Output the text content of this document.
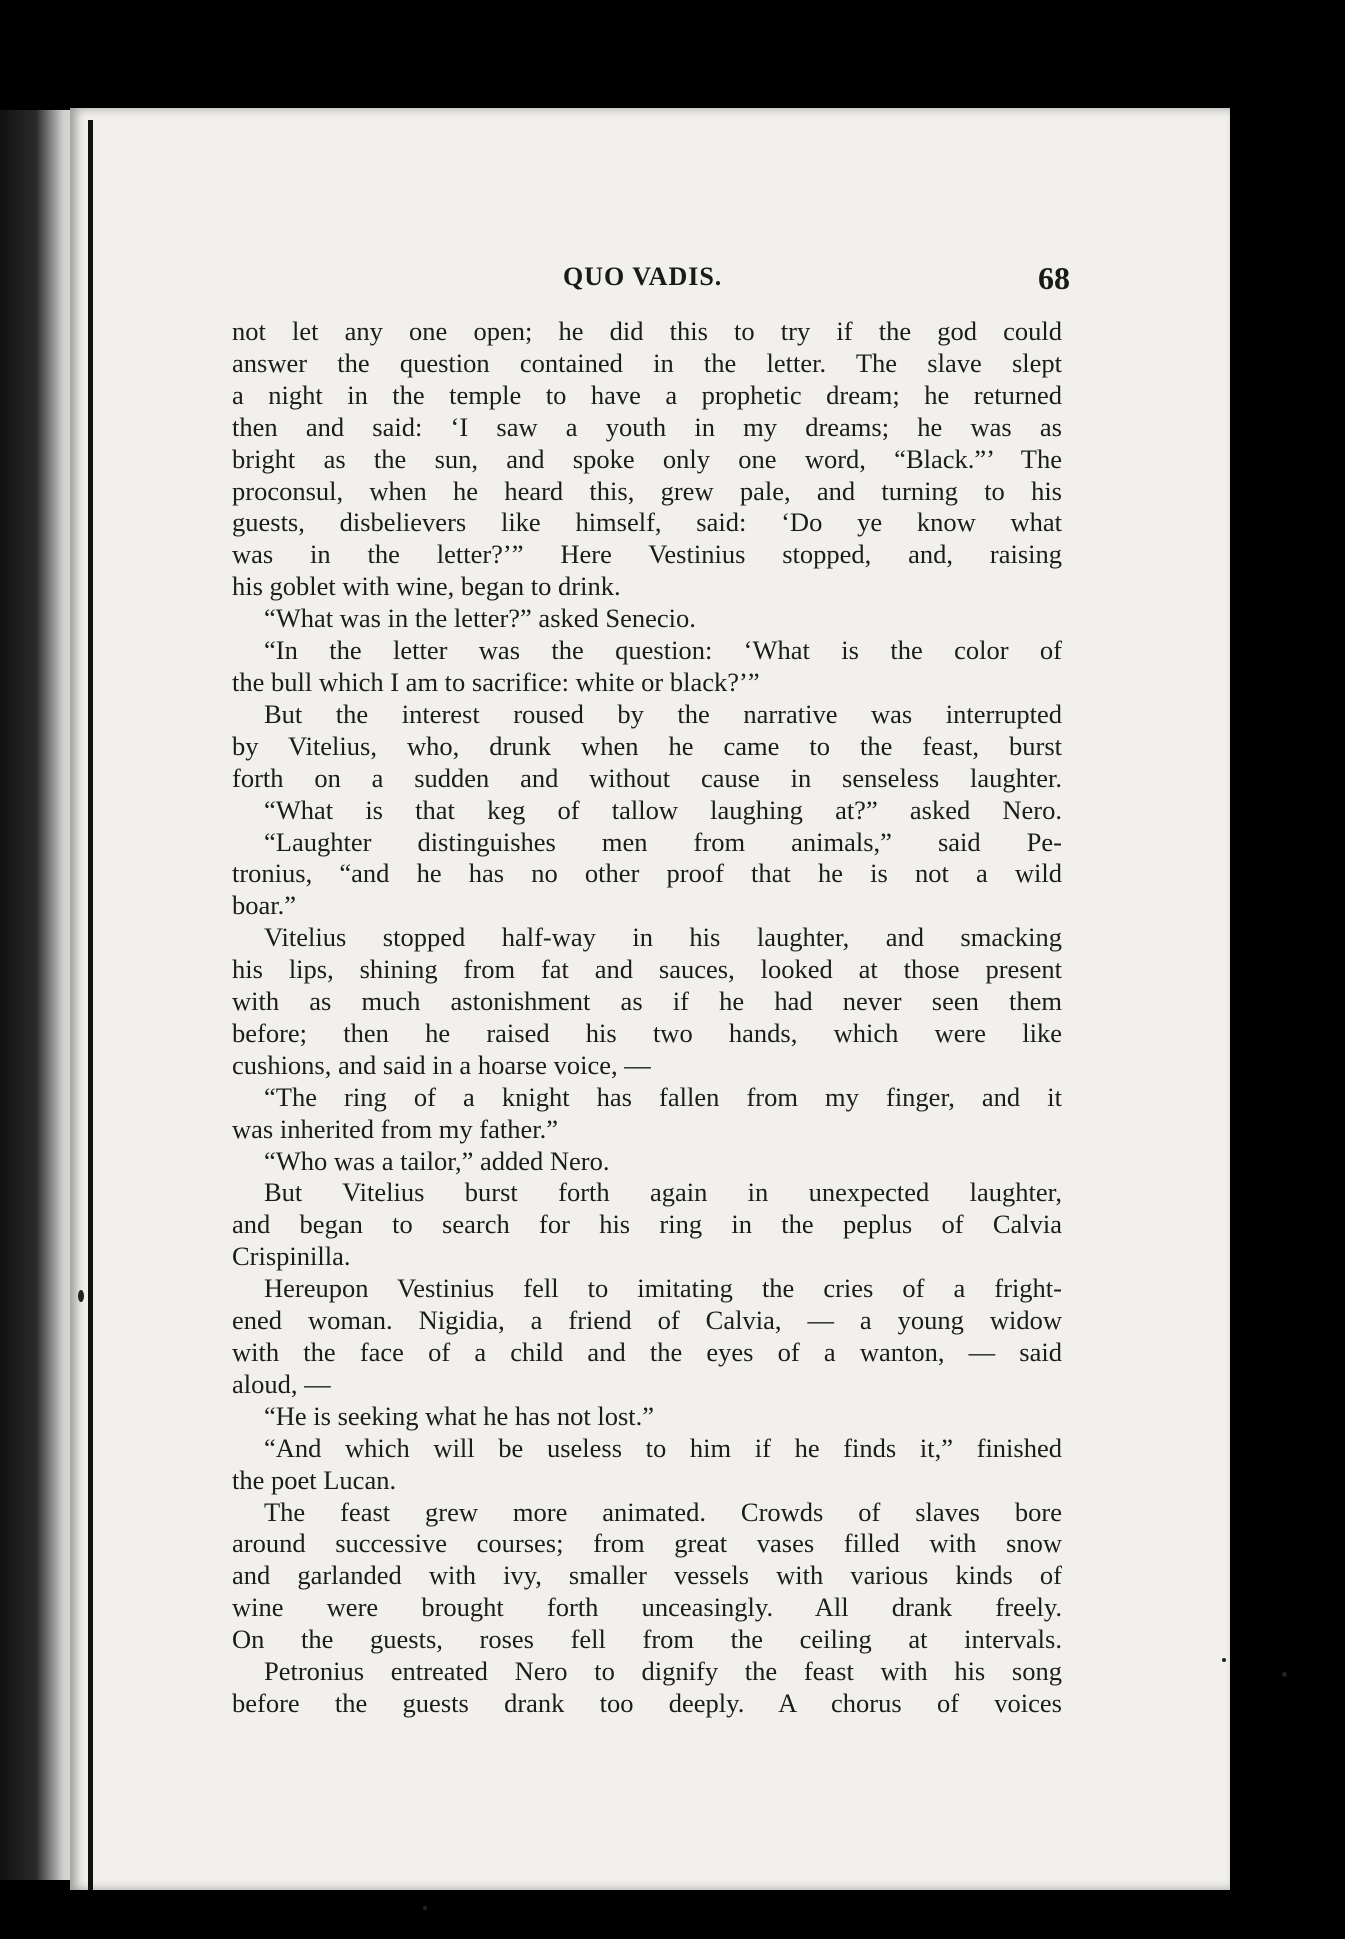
QUO VADIS.	68
not let any one open; he did this to try if the god could
answer the question contained in the letter. The slave slept
a night in the temple to have a prophetic dream; he returned
then and said: ‘I saw a youth in my dreams; he was as
bright as the sun, and spoke only one word, “Black.”’ The
proconsul, when he heard this, grew pale, and turning to his
guests, disbelievers like himself, said: ‘Do ye know what
was in the letter?’” Here Vestinius stopped, and, raising
his goblet with wine, began to drink.
“What was in the letter?” asked Senecio.
“In the letter was the question: ‘What is the color of
the bull which I am to sacrifice: white or black?’”
But the interest roused by the narrative was interrupted
by Vitelius, who, drunk when he came to the feast, burst
forth on a sudden and without cause in senseless laughter.
“What is that keg of tallow laughing at?” asked Nero.
“Laughter distinguishes men from animals,” said Pe-
tronius, “and he has no other proof that he is not a wild
boar.”
Vitelius stopped half-way in his laughter, and smacking
his lips, shining from fat and sauces, looked at those present
with as much astonishment as if he had never seen them
before; then he raised his two hands, which were like
cushions, and said in a hoarse voice, —
“The ring of a knight has fallen from my finger, and it
was inherited from my father.”
“Who was a tailor,” added Nero.
But Vitelius burst forth again in unexpected laughter,
and began to search for his ring in the peplus of Calvia
Crispinilla.
Hereupon Vestinius fell to imitating the cries of a fright-
ened woman. Nigidia, a friend of Calvia, — a young widow
with the face of a child and the eyes of a wanton, — said
aloud, —
“He is seeking what he has not lost.”
“And which will be useless to him if he finds it,” finished
the poet Lucan.
The feast grew more animated. Crowds of slaves bore
around successive courses; from great vases filled with snow
and garlanded with ivy, smaller vessels with various kinds of
wine were brought forth unceasingly. All drank freely.
On the guests, roses fell from the ceiling at intervals.
Petronius entreated Nero to dignify the feast with his song
before the guests drank too deeply. A chorus of voices
